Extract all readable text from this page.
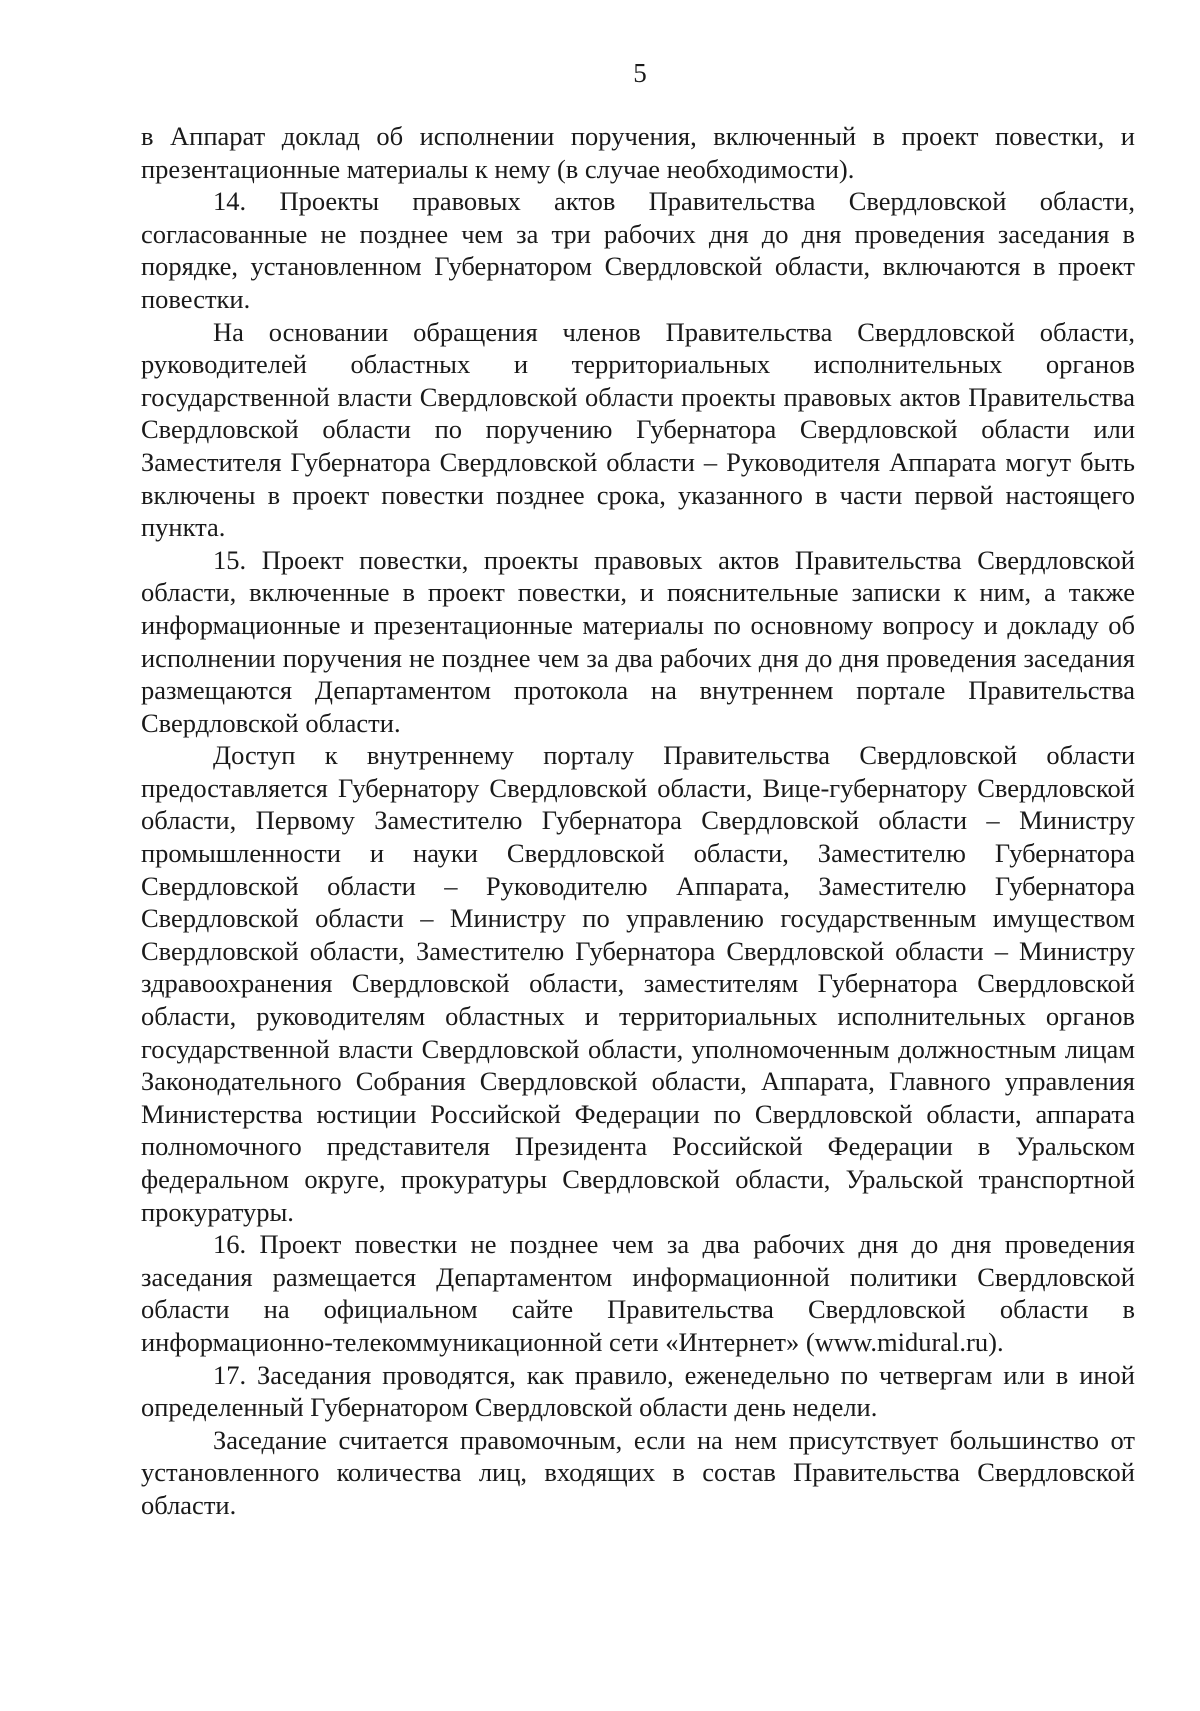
5

в Аппарат доклад об исполнении поручения, включенный в проект повестки, и презентационные материалы к нему (в случае необходимости).

14. Проекты правовых актов Правительства Свердловской области, согласованные не позднее чем за три рабочих дня до дня проведения заседания в порядке, установленном Губернатором Свердловской области, включаются в проект повестки.

На основании обращения членов Правительства Свердловской области, руководителей областных и территориальных исполнительных органов государственной власти Свердловской области проекты правовых актов Правительства Свердловской области по поручению Губернатора Свердловской области или Заместителя Губернатора Свердловской области – Руководителя Аппарата могут быть включены в проект повестки позднее срока, указанного в части первой настоящего пункта.

15. Проект повестки, проекты правовых актов Правительства Свердловской области, включенные в проект повестки, и пояснительные записки к ним, а также информационные и презентационные материалы по основному вопросу и докладу об исполнении поручения не позднее чем за два рабочих дня до дня проведения заседания размещаются Департаментом протокола на внутреннем портале Правительства Свердловской области.

Доступ к внутреннему порталу Правительства Свердловской области предоставляется Губернатору Свердловской области, Вице-губернатору Свердловской области, Первому Заместителю Губернатора Свердловской области – Министру промышленности и науки Свердловской области, Заместителю Губернатора Свердловской области – Руководителю Аппарата, Заместителю Губернатора Свердловской области – Министру по управлению государственным имуществом Свердловской области, Заместителю Губернатора Свердловской области – Министру здравоохранения Свердловской области, заместителям Губернатора Свердловской области, руководителям областных и территориальных исполнительных органов государственной власти Свердловской области, уполномоченным должностным лицам Законодательного Собрания Свердловской области, Аппарата, Главного управления Министерства юстиции Российской Федерации по Свердловской области, аппарата полномочного представителя Президента Российской Федерации в Уральском федеральном округе, прокуратуры Свердловской области, Уральской транспортной прокуратуры.

16. Проект повестки не позднее чем за два рабочих дня до дня проведения заседания размещается Департаментом информационной политики Свердловской области на официальном сайте Правительства Свердловской области в информационно-телекоммуникационной сети «Интернет» (www.midural.ru).

17. Заседания проводятся, как правило, еженедельно по четвергам или в иной определенный Губернатором Свердловской области день недели.

Заседание считается правомочным, если на нем присутствует большинство от установленного количества лиц, входящих в состав Правительства Свердловской области.
